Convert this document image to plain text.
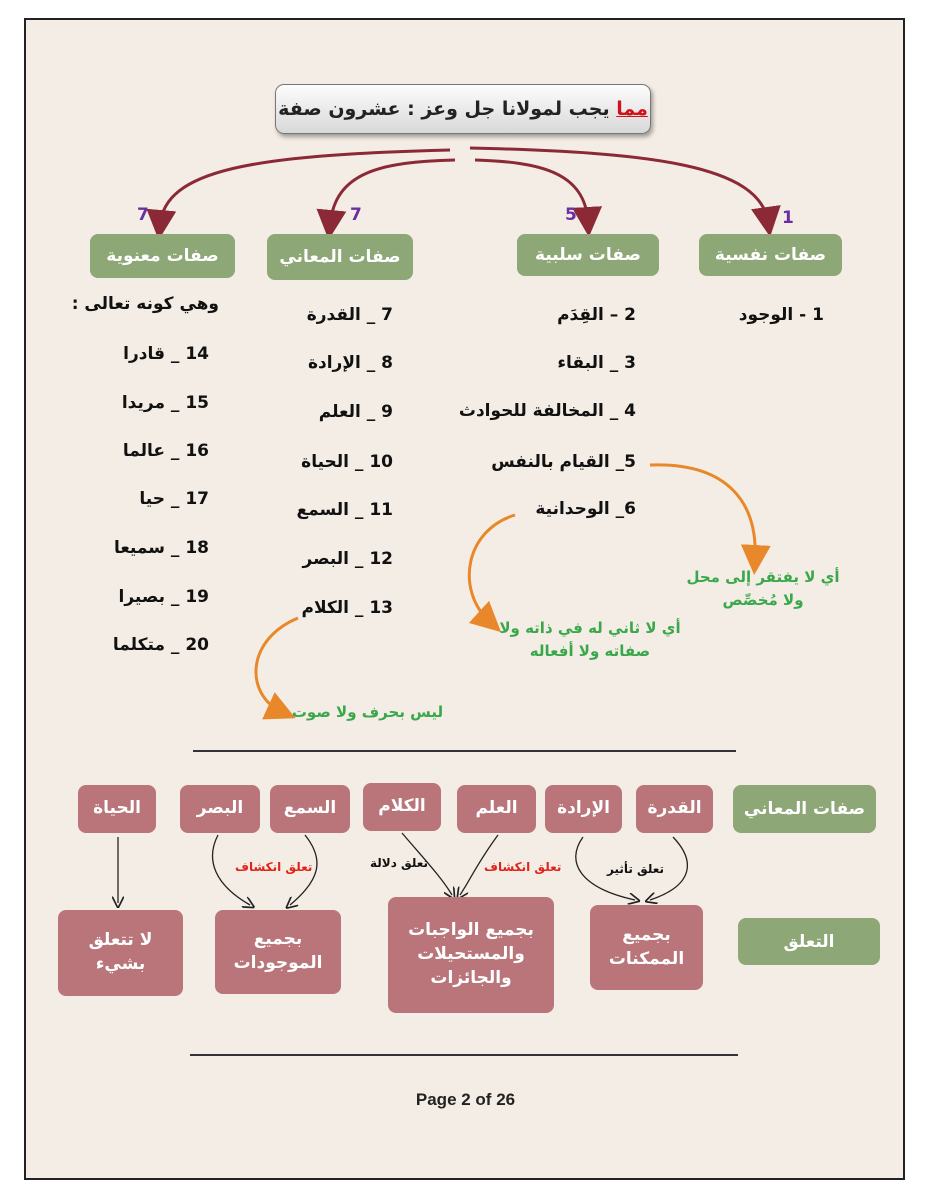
مما

يجب لمولانا جل وعز : عشرون صفة
1
5
7
7
صفات نفسية
صفات سلبية
صفات المعاني
صفات معنوية
1 - الوجود
2 – القِدَم
3 _ البقاء
4 _ المخالفة للحوادث
5_ القيام بالنفس
6_ الوحدانية
7 _ القدرة
8 _ الإرادة
9 _ العلم
10 _ الحياة
11 _ السمع
12 _ البصر
13 _ الكلام
وهي كونه تعالى :
14 _ قادرا
15 _ مريدا
16 _ عالما
17 _ حيا
18 _ سميعا
19 _ بصيرا
20 _ متكلما
أي لا يفتقر إلى محل ولا مُخصِّص
أي لا ثاني له في ذاته ولا صفاته ولا أفعاله
ليس بحرف ولا صوت
صفات المعاني
القدرة
الإرادة
العلم
الكلام
السمع
البصر
الحياة
تعلق تأثير
تعلق انكشاف
تعلق دلالة
تعلق انكشاف
التعلق
بجميع الممكنات
بجميع الواجبات والمستحيلات والجائزات
بجميع الموجودات
لا تتعلق بشيء
Page 2 of 26
